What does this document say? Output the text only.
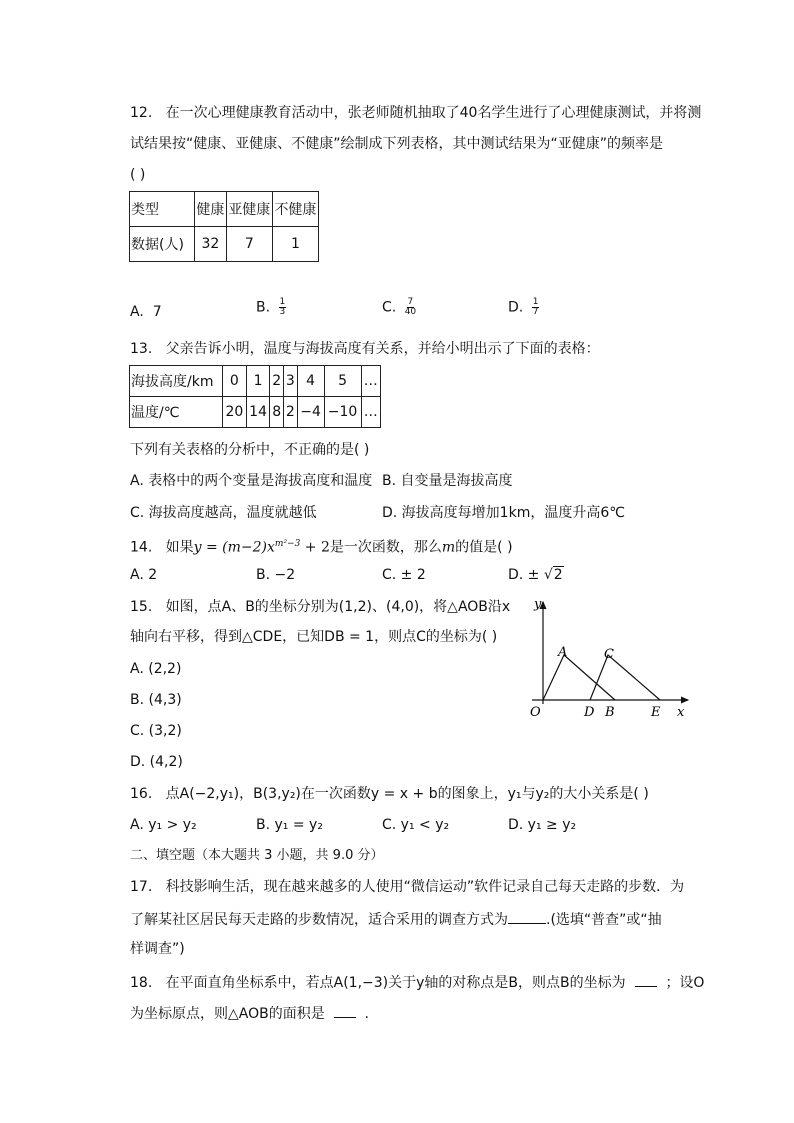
12. 在一次心理健康教育活动中，张老师随机抽取了40名学生进行了心理健康测试，并将测
试结果按“健康、亚健康、不健康”绘制成下列表格，其中测试结果为“亚健康”的频率是
( )
类型	健康	亚健康	不健康
数据(人)	32	7	1
A. 7	B. $\frac{1}{3}$	C. $\frac{7}{40}$	D. $\frac{1}{7}$
13. 父亲告诉小明，温度与海拔高度有关系，并给小明出示了下面的表格：
海拔高度/km	0	1	2	3	4	5	…
温度/℃	20	14	8	2	−4	−10	…
下列有关表格的分析中，不正确的是( )
A. 表格中的两个变量是海拔高度和温度 B. 自变量是海拔高度
C. 海拔高度越高，温度就越低	D. 海拔高度每增加1km，温度升高6℃
14. 如果$y = (m-2)x^{m^2-3} + 2$是一次函数，那么m的值是( )
A. 2	B. −2	C. ± 2	D. ± √2
15. 如图，点A、B的坐标分别为(1,2)、(4,0)，将△AOB沿x
轴向右平移，得到△CDE，已知DB = 1，则点C的坐标为( )
A. (2,2)
B. (4,3)
C. (3,2)
D. (4,2)
y
x
O
A	C
D B	E
16. 点A(−2,y₁)，B(3,y₂)在一次函数y = x + b的图象上，y₁与y₂的大小关系是( )
A. y₁ > y₂	B. y₁ = y₂	C. y₁ < y₂	D. y₁ ≥ y₂
二、填空题（本大题共 3 小题，共 9.0 分）
17. 科技影响生活，现在越来越多的人使用“微信运动”软件记录自己每天走路的步数．为
了解某社区居民每天走路的步数情况，适合采用的调查方式为	.(选填“普查”或“抽
样调查”)
18. 在平面直角坐标系中，若点A(1,−3)关于y轴的对称点是B，则点B的坐标为	；设O
为坐标原点，则△AOB的面积是	.
